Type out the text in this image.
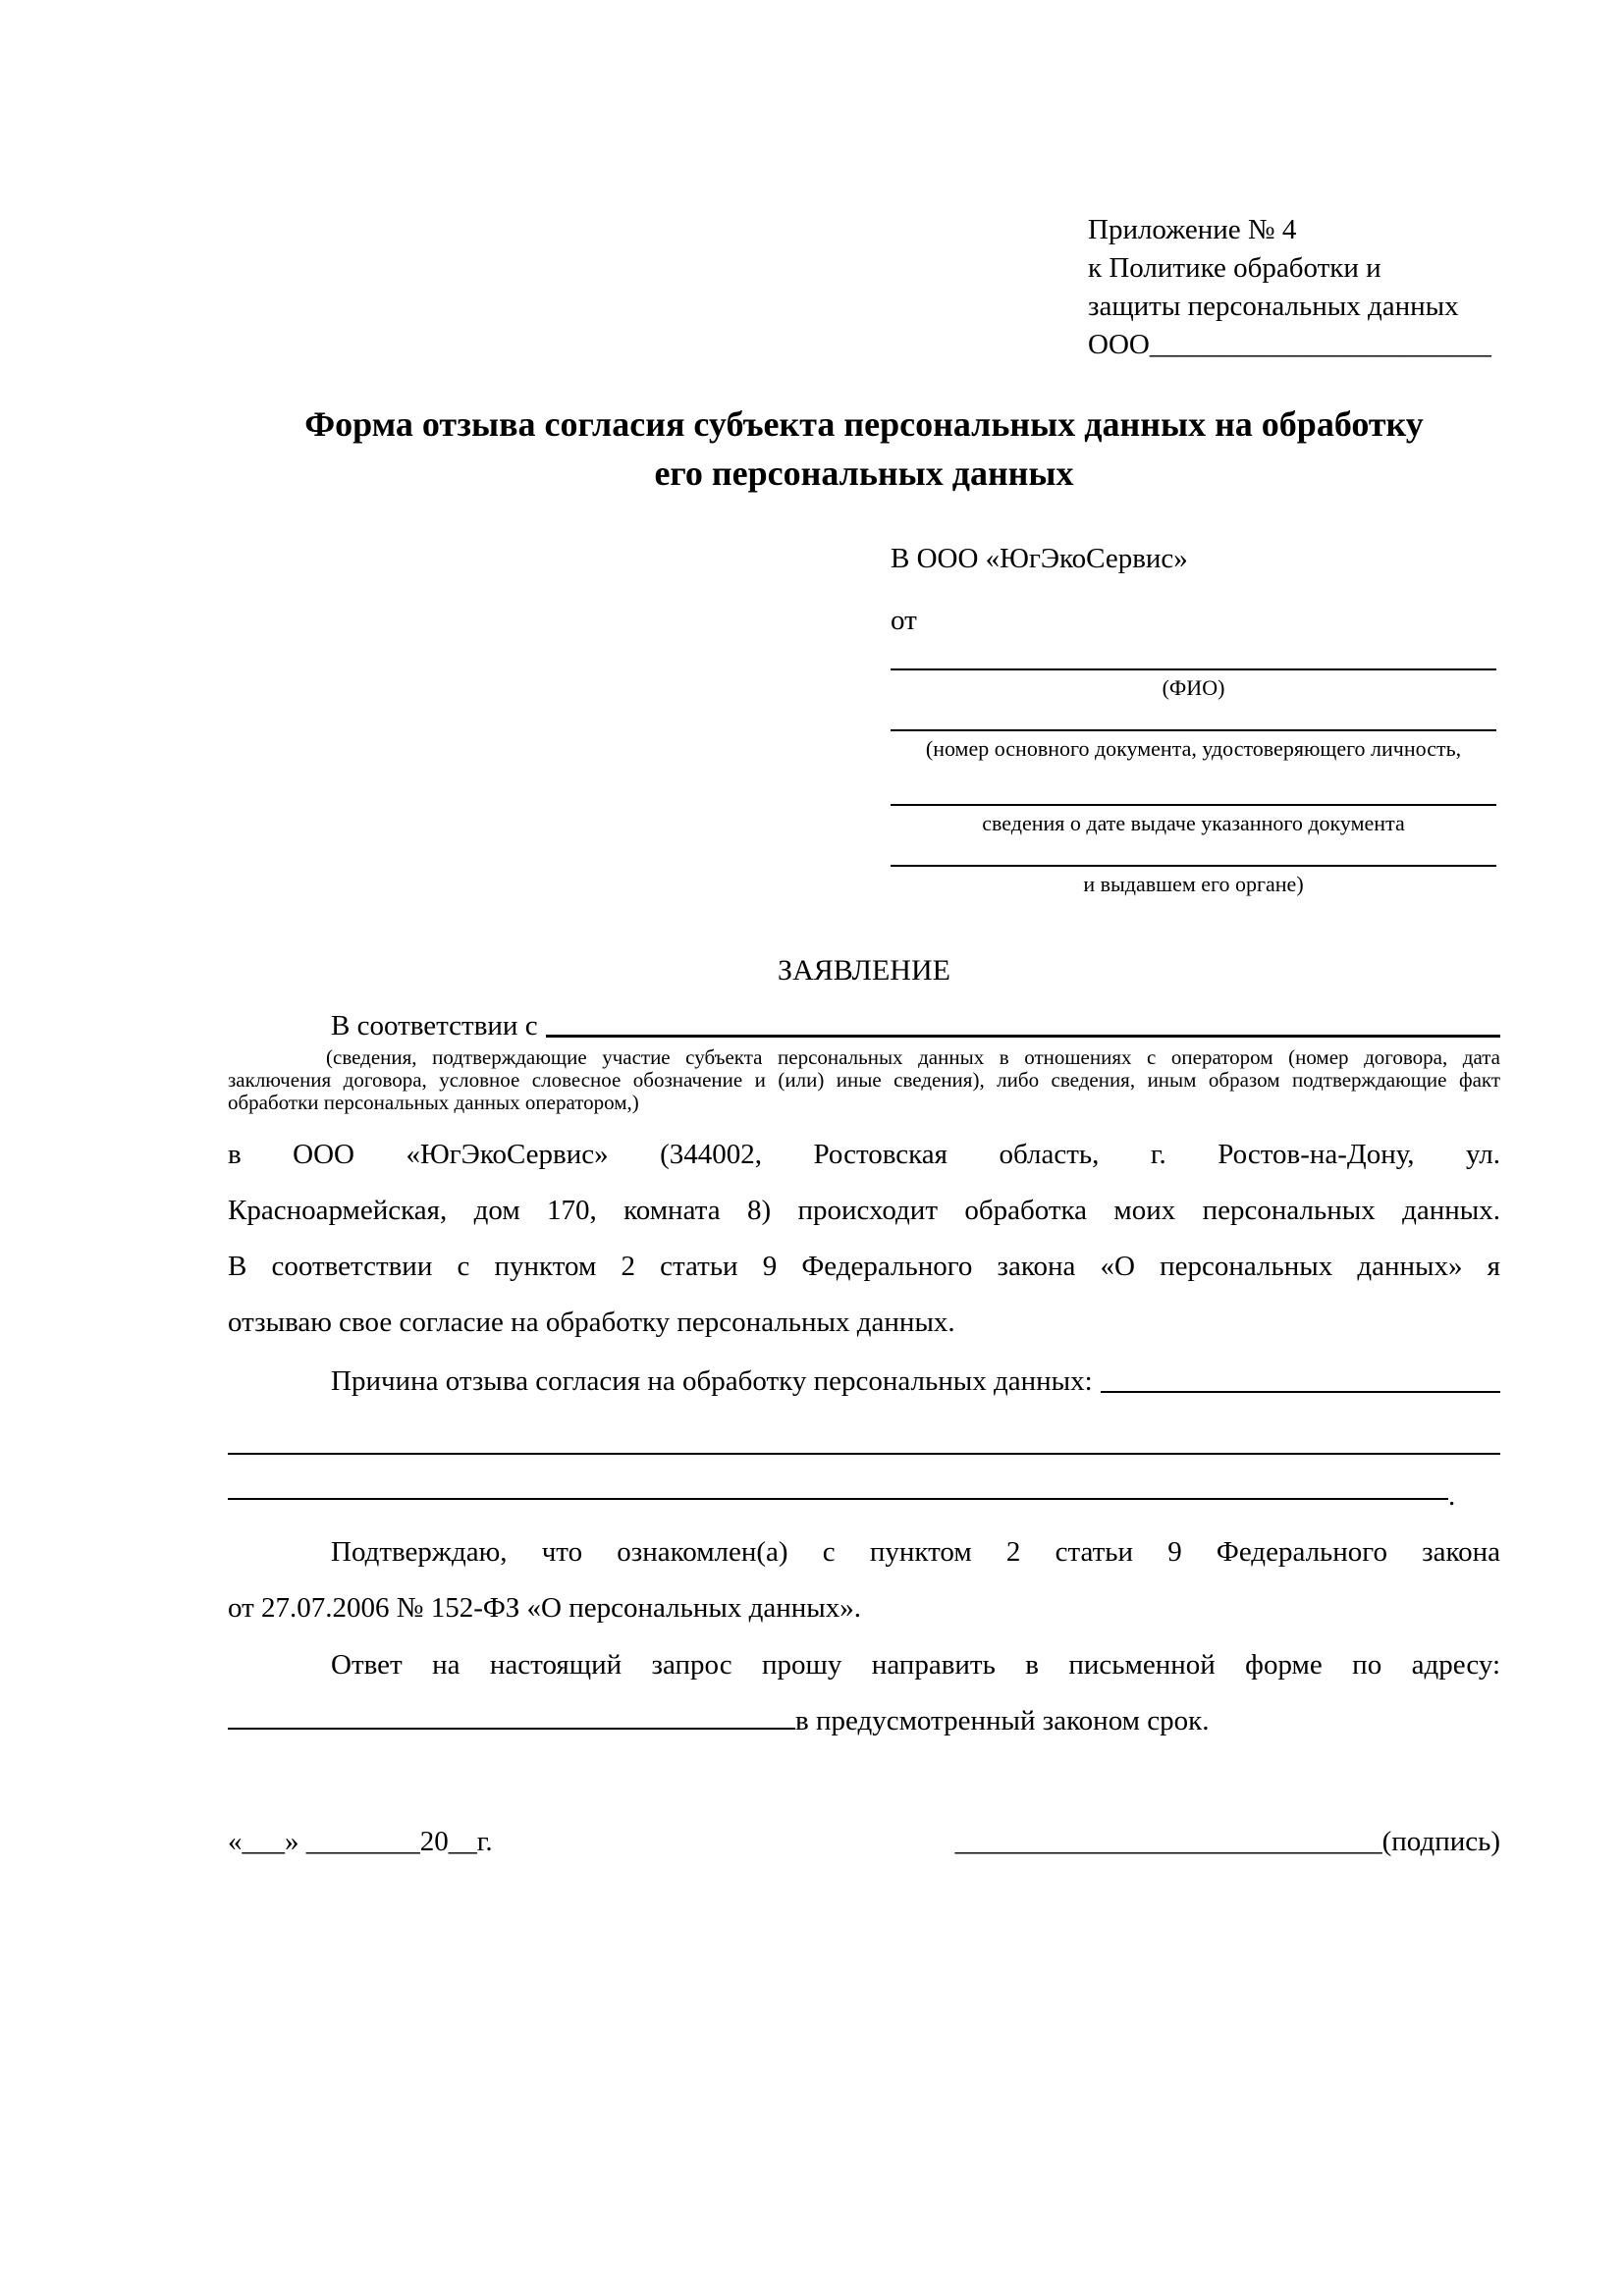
Приложение № 4
к Политике обработки и
защиты персональных данных
ООО________________________
Форма отзыва согласия субъекта персональных данных на обработку
его персональных данных
В ООО «ЮгЭкоСервис»
от
(ФИО)
(номер основного документа, удостоверяющего личность,
сведения о дате выдаче указанного документа
и выдавшем его органе)
ЗАЯВЛЕНИЕ
В соответствии с
(сведения, подтверждающие участие субъекта персональных данных в отношениях с оператором (номер договора, дата
заключения договора, условное словесное обозначение и (или) иные сведения), либо сведения, иным образом подтверждающие факт
обработки персональных данных оператором,)
в ООО «ЮгЭкоСервис» (344002, Ростовская область, г. Ростов-на-Дону, ул.
Красноармейская, дом 170, комната 8) происходит обработка моих персональных данных.
В соответствии с пунктом 2 статьи 9 Федерального закона «О персональных данных» я
отзываю свое согласие на обработку персональных данных.
Причина отзыва согласия на обработку персональных данных:
.
Подтверждаю, что ознакомлен(а) с пунктом 2 статьи 9 Федерального закона
от 27.07.2006 № 152-ФЗ «О персональных данных».
Ответ на настоящий запрос прошу направить в письменной форме по адресу:
в предусмотренный законом срок.
«___» ________20__г.	______________________________(подпись)
